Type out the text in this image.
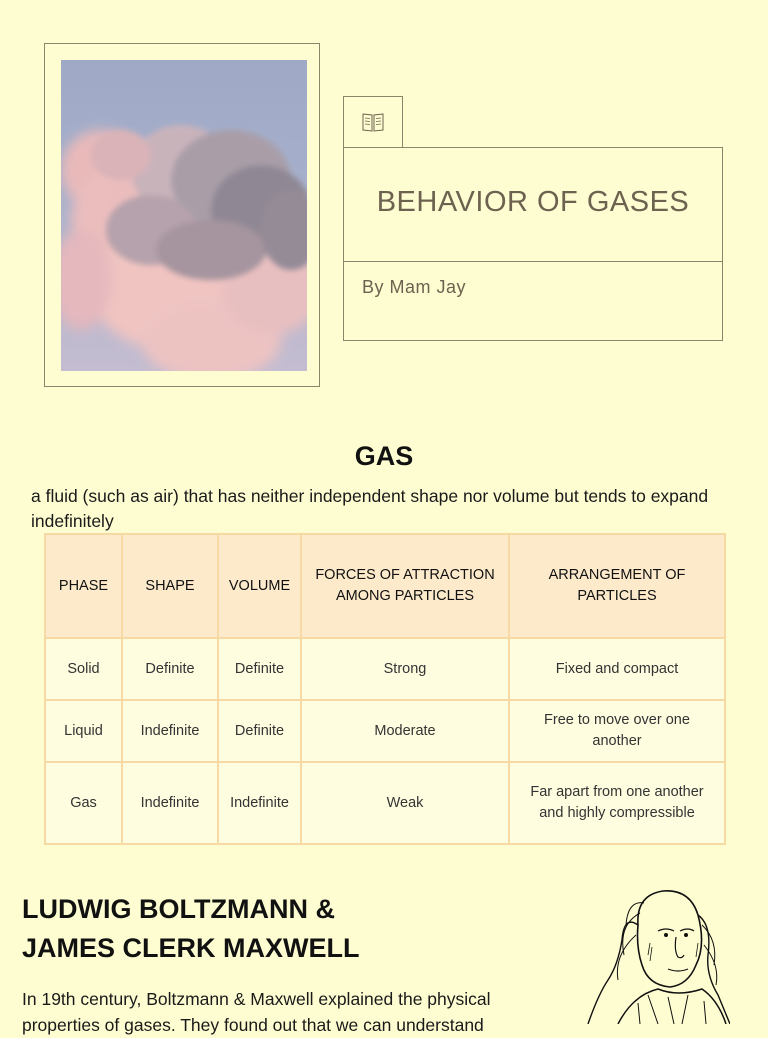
BEHAVIOR OF GASES
By Mam Jay
GAS
a fluid (such as air) that has neither independent shape nor volume but tends to expand indefinitely
PHASE	SHAPE	VOLUME	FORCES OF ATTRACTION AMONG PARTICLES	ARRANGEMENT OF PARTICLES
Solid	Definite	Definite	Strong	Fixed and compact
Liquid	Indefinite	Definite	Moderate	Free to move over one another
Gas	Indefinite	Indefinite	Weak	Far apart from one another and highly compressible
LUDWIG BOLTZMANN &
JAMES CLERK MAXWELL
In 19th century, Boltzmann & Maxwell explained the physical properties of gases. They found out that we can understand
